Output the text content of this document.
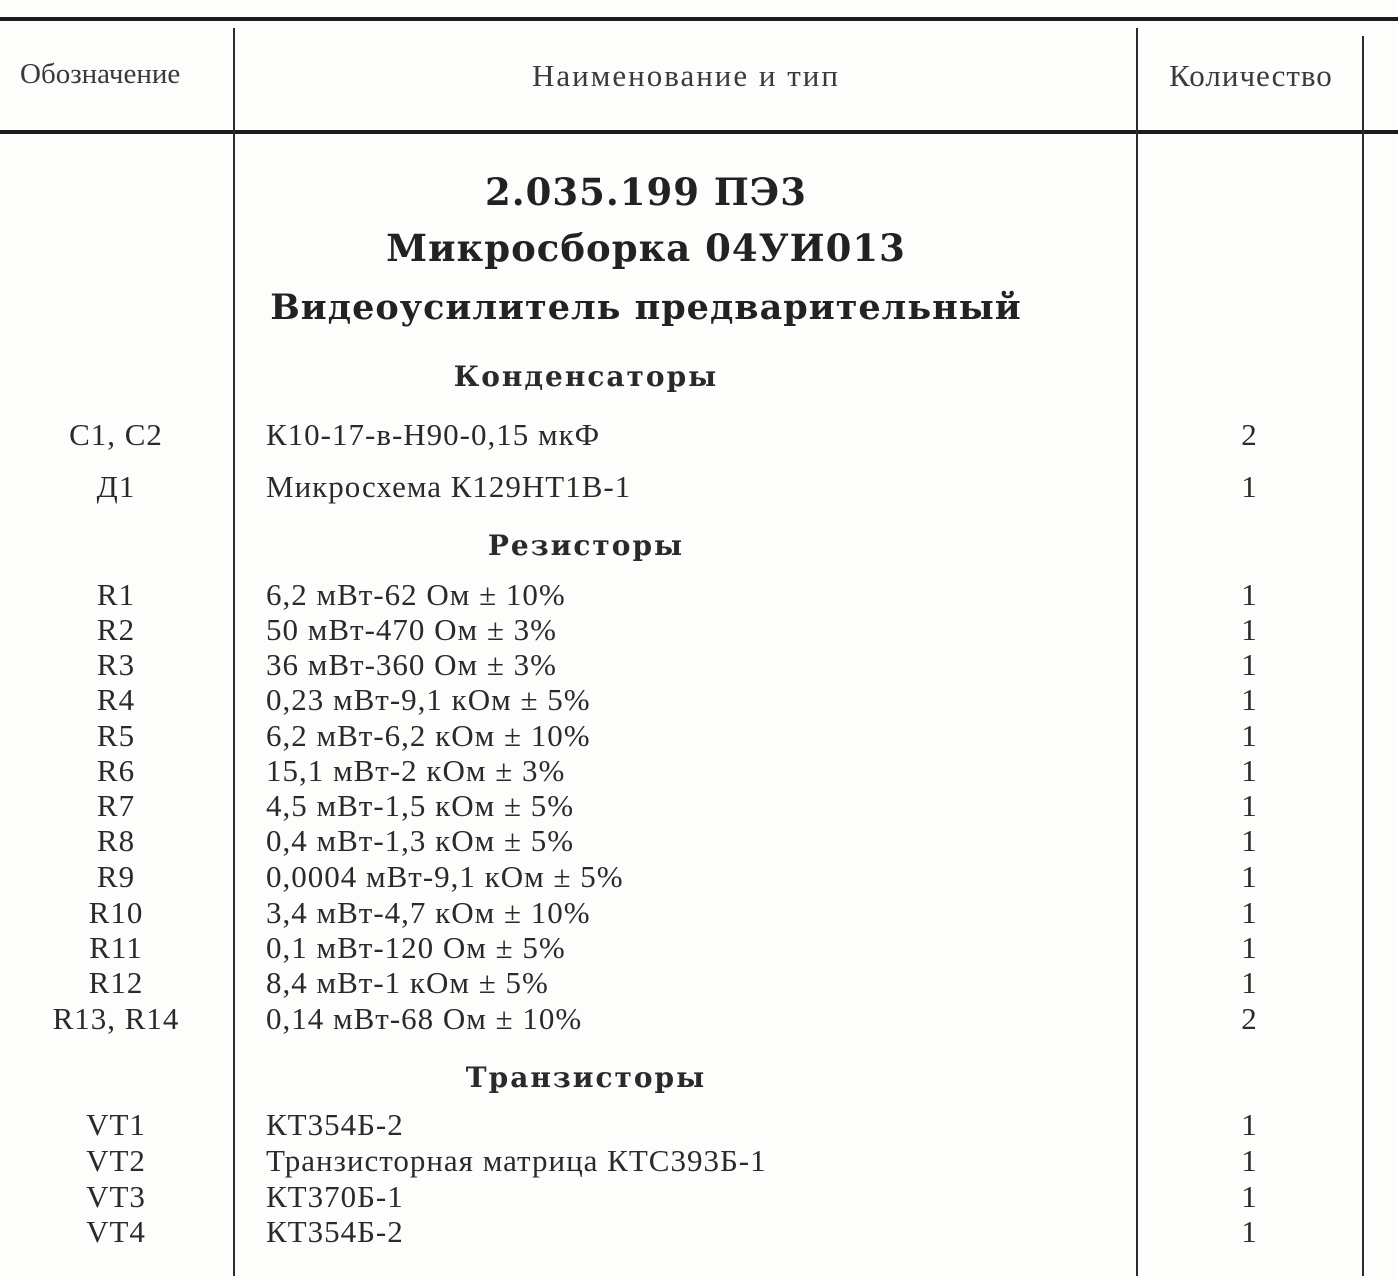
Обозначение	Наименование и тип	Количество
2.035.199 ПЭ3
Микросборка 04УИ013
Видеоусилитель предварительный
Конденсаторы
Резисторы
Транзисторы
C1, C2	К10-17-в-Н90-0,15 мкФ	2
Д1	Микросхема К129НТ1В-1	1
R1	6,2 мВт-62 Ом ± 10%	1
R2	50 мВт-470 Ом ± 3%	1
R3	36 мВт-360 Ом ± 3%	1
R4	0,23 мВт-9,1 кОм ± 5%	1
R5	6,2 мВт-6,2 кОм ± 10%	1
R6	15,1 мВт-2 кОм ± 3%	1
R7	4,5 мВт-1,5 кОм ± 5%	1
R8	0,4 мВт-1,3 кОм ± 5%	1
R9	0,0004 мВт-9,1 кОм ± 5%	1
R10	3,4 мВт-4,7 кОм ± 10%	1
R11	0,1 мВт-120 Ом ± 5%	1
R12	8,4 мВт-1 кОм ± 5%	1
R13, R14	0,14 мВт-68 Ом ± 10%	2
VT1	КТ354Б-2	1
VT2	Транзисторная матрица КТС393Б-1	1
VT3	КТ370Б-1	1
VT4	КТ354Б-2	1
